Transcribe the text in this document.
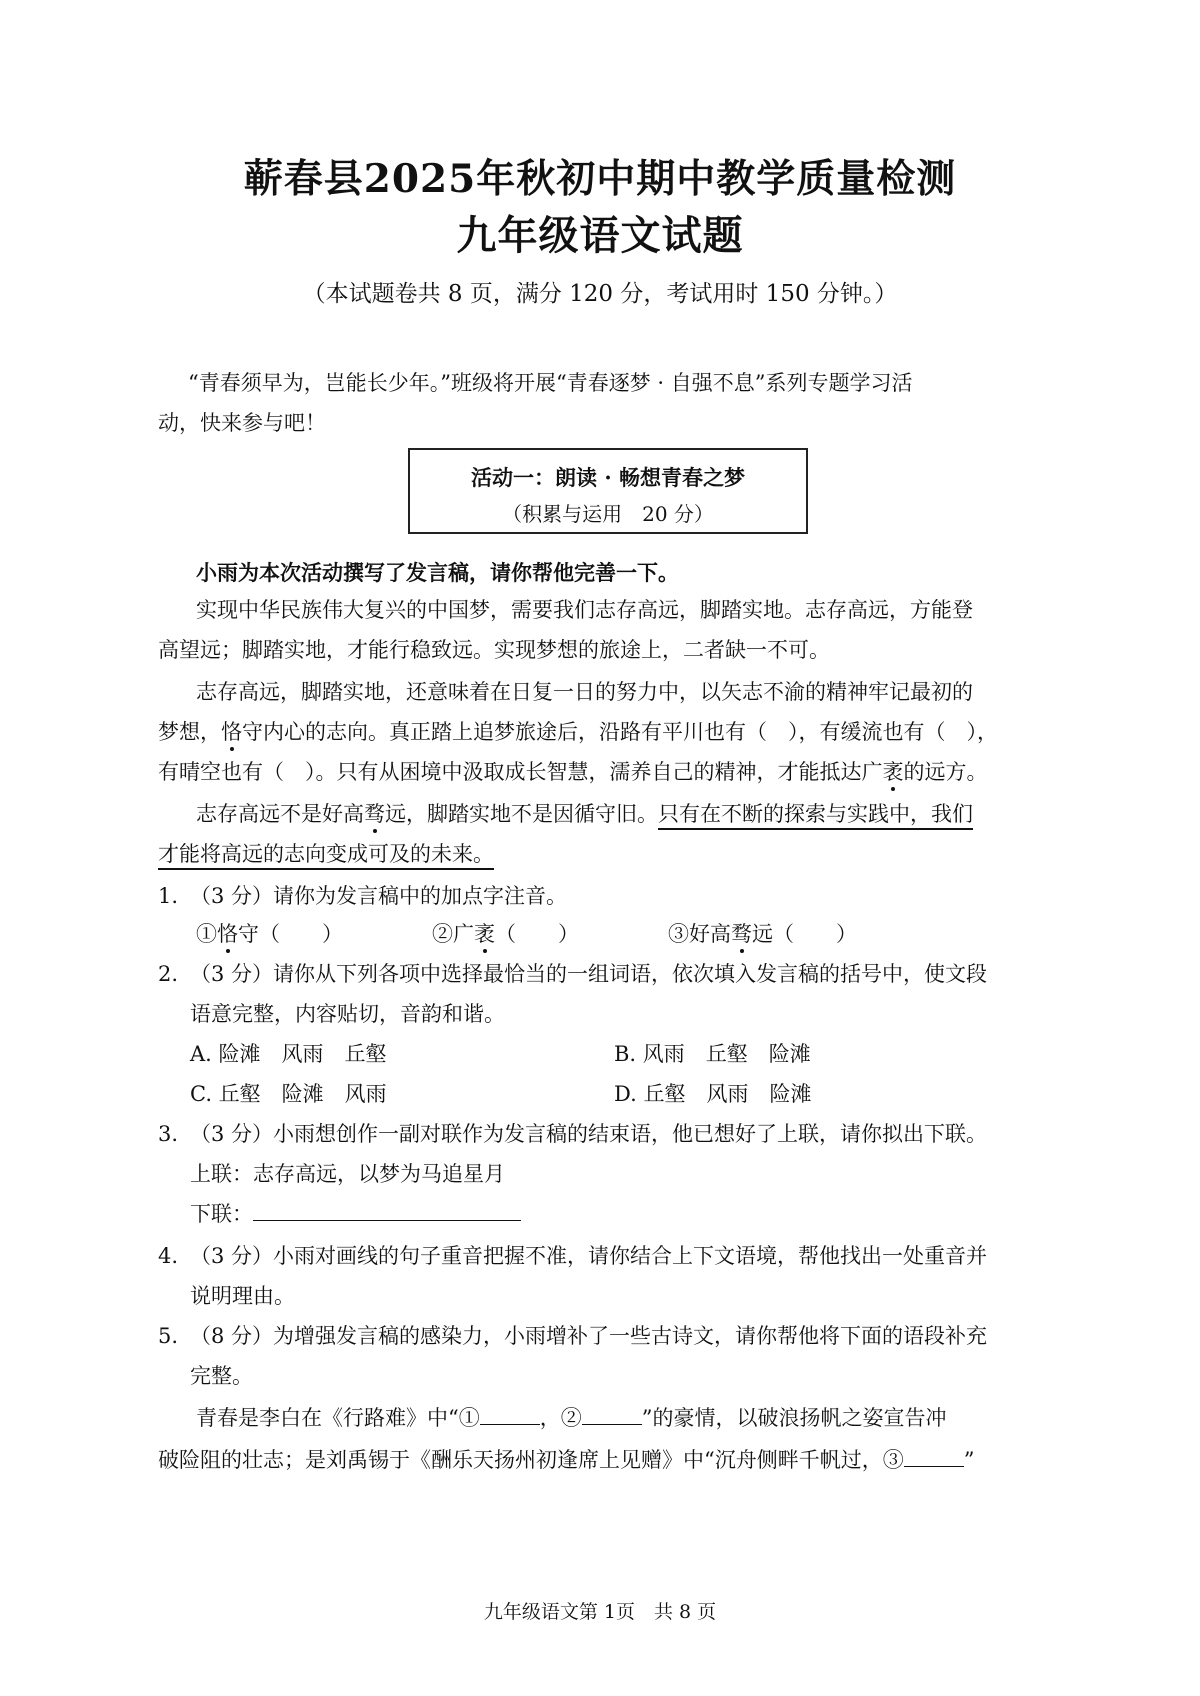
蕲春县2025年秋初中期中教学质量检测
九年级语文试题
（本试题卷共 8 页，满分 120 分，考试用时 150 分钟。）
“青春须早为，岂能长少年。”班级将开展“青春逐梦 · 自强不息”系列专题学习活
动，快来参与吧！
活动一：朗读 · 畅想青春之梦
（积累与运用　20 分）
小雨为本次活动撰写了发言稿，请你帮他完善一下。
实现中华民族伟大复兴的中国梦，需要我们志存高远，脚踏实地。志存高远，方能登
高望远；脚踏实地，才能行稳致远。实现梦想的旅途上，二者缺一不可。
志存高远，脚踏实地，还意味着在日复一日的努力中，以矢志不渝的精神牢记最初的
梦想，恪守内心的志向。真正踏上追梦旅途后，沿路有平川也有（　），有缓流也有（　），
有晴空也有（　）。只有从困境中汲取成长智慧，濡养自己的精神，才能抵达广袤的远方。
志存高远不是好高骛远，脚踏实地不是因循守旧。只有在不断的探索与实践中，我们
才能将高远的志向变成可及的未来。
1. （3 分）请你为发言稿中的加点字注音。
①恪守（　　）	②广袤（　　）	③好高骛远（　　）
2. （3 分）请你从下列各项中选择最恰当的一组词语，依次填入发言稿的括号中，使文段
语意完整，内容贴切，音韵和谐。
A. 险滩　风雨　丘壑	B. 风雨　丘壑　险滩
C. 丘壑　险滩　风雨	D. 丘壑　风雨　险滩
3. （3 分）小雨想创作一副对联作为发言稿的结束语，他已想好了上联，请你拟出下联。
上联：志存高远，以梦为马追星月
下联：
4. （3 分）小雨对画线的句子重音把握不准，请你结合上下文语境，帮他找出一处重音并
说明理由。
5. （8 分）为增强发言稿的感染力，小雨增补了一些古诗文，请你帮他将下面的语段补充
完整。
青春是李白在《行路难》中“①	，②	”的豪情，以破浪扬帆之姿宣告冲
破险阻的壮志；是刘禹锡于《酬乐天扬州初逢席上见赠》中“沉舟侧畔千帆过，③	”
九年级语文第 1页　共 8 页
